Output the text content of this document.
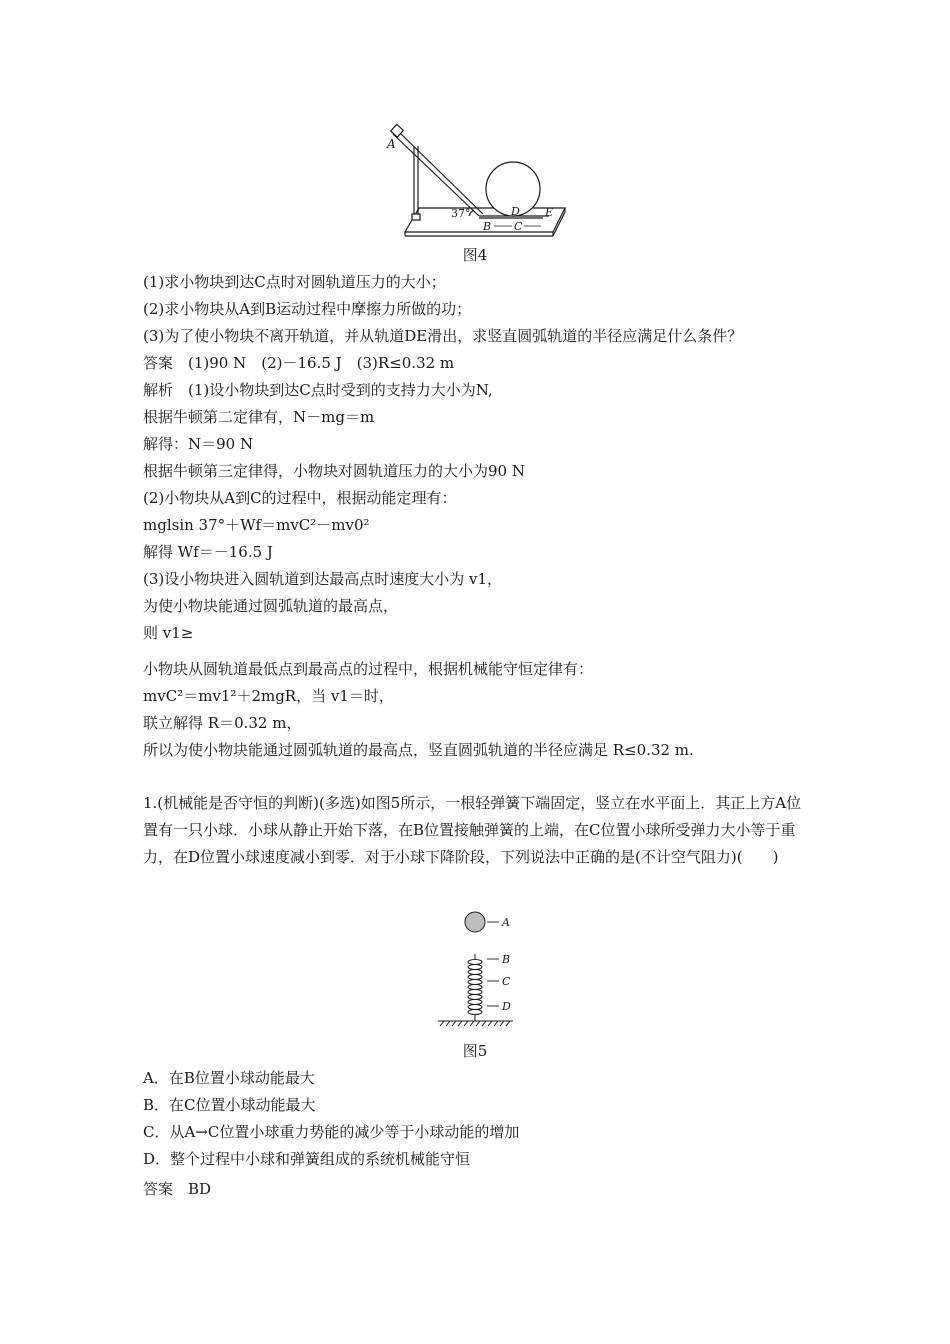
A
37°	D E
B C
图4
(1)求小物块到达C点时对圆轨道压力的大小；
(2)求小物块从A到B运动过程中摩擦力所做的功；
(3)为了使小物块不离开轨道，并从轨道DE滑出，求竖直圆弧轨道的半径应满足什么条件？
答案　(1)90 N　(2)－16.5 J　(3)R≤0.32 m
解析　(1)设小物块到达C点时受到的支持力大小为N,
根据牛顿第二定律有，N－mg＝m
解得：N＝90 N
根据牛顿第三定律得，小物块对圆轨道压力的大小为90 N
(2)小物块从A到C的过程中，根据动能定理有：
mglsin 37°＋Wf＝mvC²－mv0²
解得 Wf＝－16.5 J
(3)设小物块进入圆轨道到达最高点时速度大小为 v1，
为使小物块能通过圆弧轨道的最高点，
则 v1≥
小物块从圆轨道最低点到最高点的过程中，根据机械能守恒定律有：
mvC²＝mv1²＋2mgR，当 v1＝时，
联立解得 R＝0.32 m，
所以为使小物块能通过圆弧轨道的最高点，竖直圆弧轨道的半径应满足 R≤0.32 m.
1.(机械能是否守恒的判断)(多选)如图5所示，一根轻弹簧下端固定，竖立在水平面上．其正上方A位置有一只小球．小球从静止开始下落，在B位置接触弹簧的上端，在C位置小球所受弹力大小等于重力，在D位置小球速度减小到零．对于小球下降阶段，下列说法中正确的是(不计空气阻力)(　　)
A
B
C
D
图5
A．在B位置小球动能最大
B．在C位置小球动能最大
C．从A→C位置小球重力势能的减少等于小球动能的增加
D．整个过程中小球和弹簧组成的系统机械能守恒
答案　BD
